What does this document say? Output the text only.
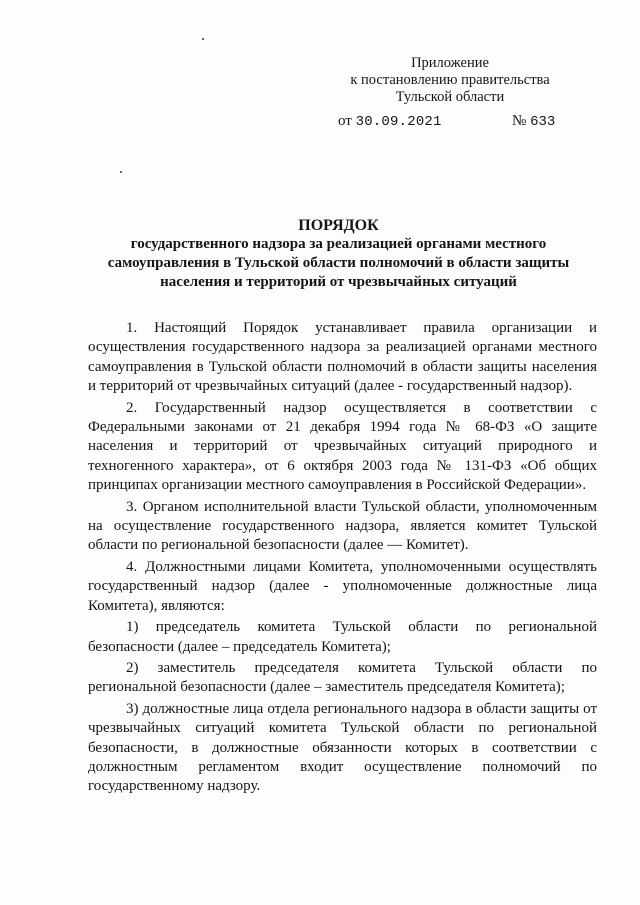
Приложение
к постановлению правительства
Тульской области
от 30.09.2021	№ 633
ПОРЯДОК
государственного надзора за реализацией органами местного самоуправления в Тульской области полномочий в области защиты населения и территорий от чрезвычайных ситуаций

1. Настоящий Порядок устанавливает правила организации и осуществления государственного надзора за реализацией органами местного самоуправления в Тульской области полномочий в области защиты населения и территорий от чрезвычайных ситуаций (далее - государственный надзор).

2. Государственный надзор осуществляется в соответствии с Федеральными законами от 21 декабря 1994 года № 68-ФЗ «О защите населения и территорий от чрезвычайных ситуаций природного и техногенного характера», от 6 октября 2003 года № 131-ФЗ «Об общих принципах организации местного самоуправления в Российской Федерации».

3. Органом исполнительной власти Тульской области, уполномоченным на осуществление государственного надзора, является комитет Тульской области по региональной безопасности (далее — Комитет).

4. Должностными лицами Комитета, уполномоченными осуществлять государственный надзор (далее - уполномоченные должностные лица Комитета), являются:

1) председатель комитета Тульской области по региональной безопасности (далее – председатель Комитета);

2) заместитель председателя комитета Тульской области по региональной безопасности (далее – заместитель председателя Комитета);

3) должностные лица отдела регионального надзора в области защиты от чрезвычайных ситуаций комитета Тульской области по региональной безопасности, в должностные обязанности которых в соответствии с должностным регламентом входит осуществление полномочий по государственному надзору.
